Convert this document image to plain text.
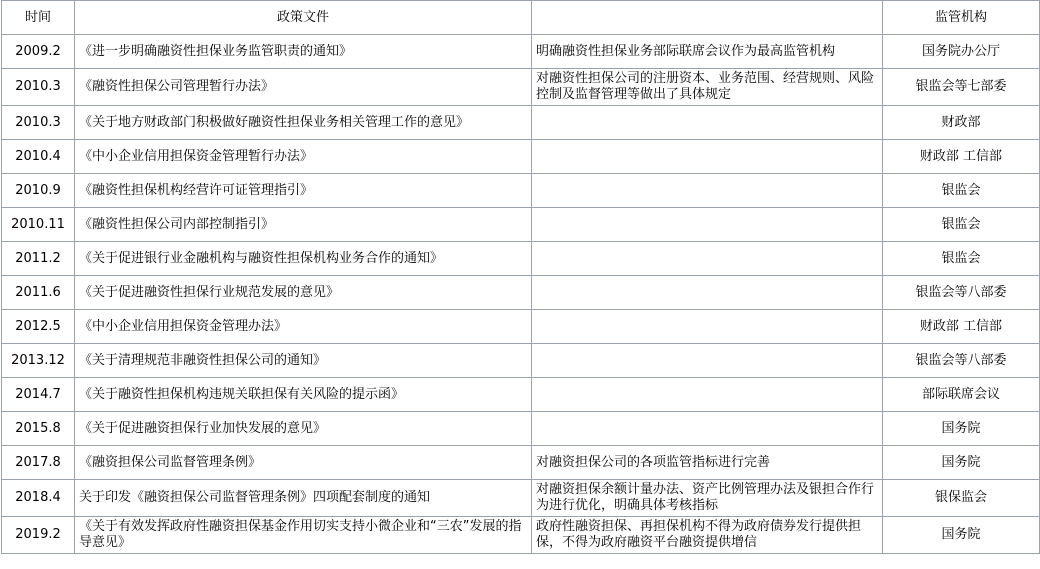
时间	政策文件		监管机构
2009.2	《进一步明确融资性担保业务监管职责的通知》	明确融资性担保业务部际联席会议作为最高监管机构	国务院办公厅
2010.3	《融资性担保公司管理暂行办法》	对融资性担保公司的注册资本、业务范围、经营规则、风险控制及监督管理等做出了具体规定	银监会等七部委
2010.3	《关于地方财政部门积极做好融资性担保业务相关管理工作的意见》		财政部
2010.4	《中小企业信用担保资金管理暂行办法》		财政部 工信部
2010.9	《融资性担保机构经营许可证管理指引》		银监会
2010.11	《融资性担保公司内部控制指引》		银监会
2011.2	《关于促进银行业金融机构与融资性担保机构业务合作的通知》		银监会
2011.6	《关于促进融资性担保行业规范发展的意见》		银监会等八部委
2012.5	《中小企业信用担保资金管理办法》		财政部 工信部
2013.12	《关于清理规范非融资性担保公司的通知》		银监会等八部委
2014.7	《关于融资性担保机构违规关联担保有关风险的提示函》		部际联席会议
2015.8	《关于促进融资担保行业加快发展的意见》		国务院
2017.8	《融资担保公司监督管理条例》	对融资担保公司的各项监管指标进行完善	国务院
2018.4	关于印发《融资担保公司监督管理条例》四项配套制度的通知	对融资担保余额计量办法、资产比例管理办法及银担合作行为进行优化，明确具体考核指标	银保监会
2019.2	《关于有效发挥政府性融资担保基金作用切实支持小微企业和“三农”发展的指导意见》	政府性融资担保、再担保机构不得为政府债券发行提供担保，不得为政府融资平台融资提供增信	国务院
